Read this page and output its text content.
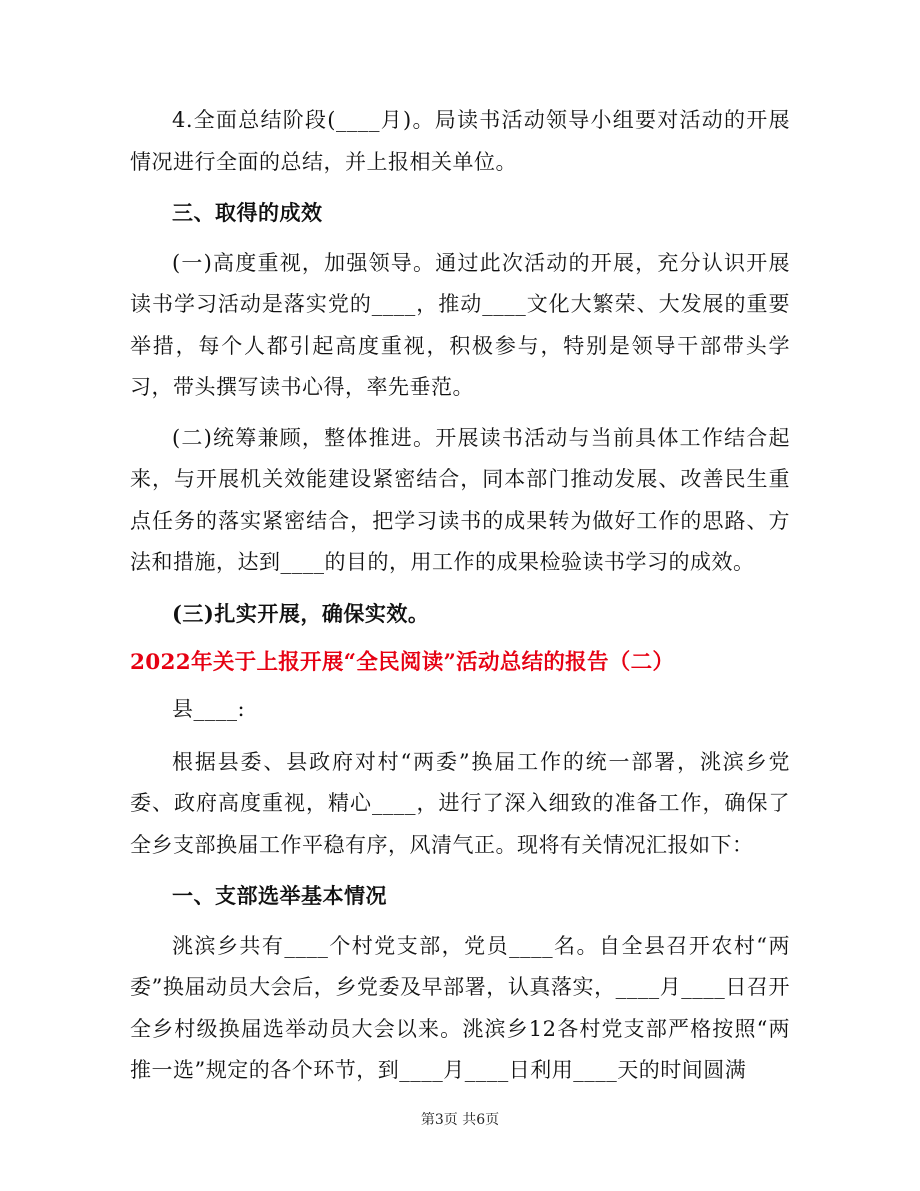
4.全面总结阶段(____月)。局读书活动领导小组要对活动的开展情况进行全面的总结，并上报相关单位。

三、取得的成效

(一)高度重视，加强领导。通过此次活动的开展，充分认识开展读书学习活动是落实党的____，推动____文化大繁荣、大发展的重要举措，每个人都引起高度重视，积极参与，特别是领导干部带头学习，带头撰写读书心得，率先垂范。

(二)统筹兼顾，整体推进。开展读书活动与当前具体工作结合起来，与开展机关效能建设紧密结合，同本部门推动发展、改善民生重点任务的落实紧密结合，把学习读书的成果转为做好工作的思路、方法和措施，达到____的目的，用工作的成果检验读书学习的成效。

(三)扎实开展，确保实效。

2022年关于上报开展“全民阅读”活动总结的报告（二）

县____:

根据县委、县政府对村“两委”换届工作的统一部署，洮滨乡党委、政府高度重视，精心____，进行了深入细致的准备工作，确保了全乡支部换届工作平稳有序，风清气正。现将有关情况汇报如下：

一、支部选举基本情况

洮滨乡共有____个村党支部，党员____名。自全县召开农村“两委”换届动员大会后，乡党委及早部署，认真落实，____月____日召开全乡村级换届选举动员大会以来。洮滨乡12各村党支部严格按照“两推一选”规定的各个环节，到____月____日利用____天的时间圆满

第3页 共6页
